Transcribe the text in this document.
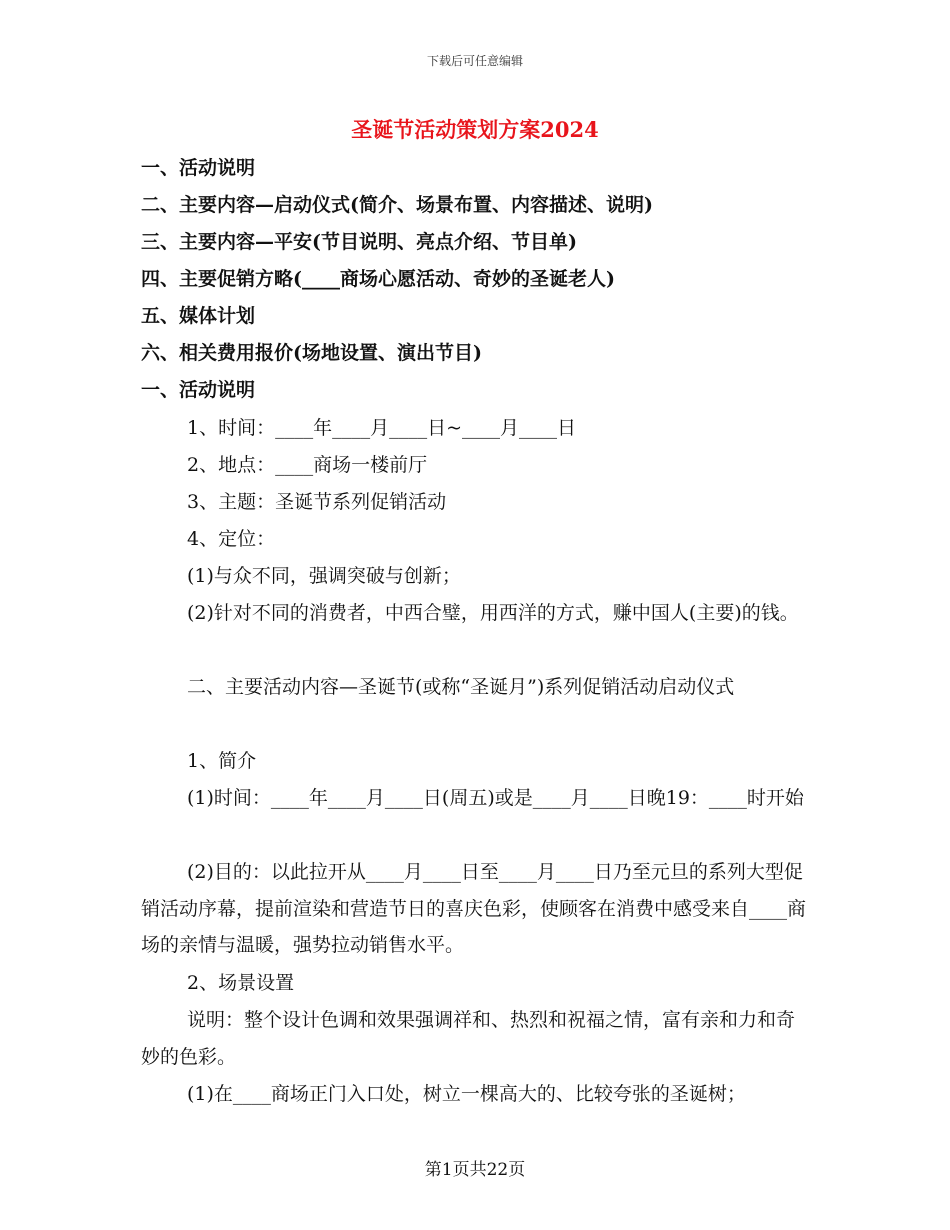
下载后可任意编辑
圣诞节活动策划方案2024
一、活动说明
二、主要内容—启动仪式(简介、场景布置、内容描述、说明)
三、主要内容—平安(节目说明、亮点介绍、节目单)
四、主要促销方略(____商场心愿活动、奇妙的圣诞老人)
五、媒体计划
六、相关费用报价(场地设置、演出节目)
一、活动说明
1、时间：____年____月____日~____月____日
2、地点：____商场一楼前厅
3、主题：圣诞节系列促销活动
4、定位：
(1)与众不同，强调突破与创新；
(2)针对不同的消费者，中西合璧，用西洋的方式，赚中国人(主要)的钱。
二、主要活动内容—圣诞节(或称“圣诞月”)系列促销活动启动仪式
1、简介
(1)时间：____年____月____日(周五)或是____月____日晚19：____时开始
(2)目的：以此拉开从____月____日至____月____日乃至元旦的系列大型促销活动序幕，提前渲染和营造节日的喜庆色彩，使顾客在消费中感受来自____商场的亲情与温暖，强势拉动销售水平。
2、场景设置
说明：整个设计色调和效果强调祥和、热烈和祝福之情，富有亲和力和奇妙的色彩。
(1)在____商场正门入口处，树立一棵高大的、比较夸张的圣诞树；
第1页共22页
